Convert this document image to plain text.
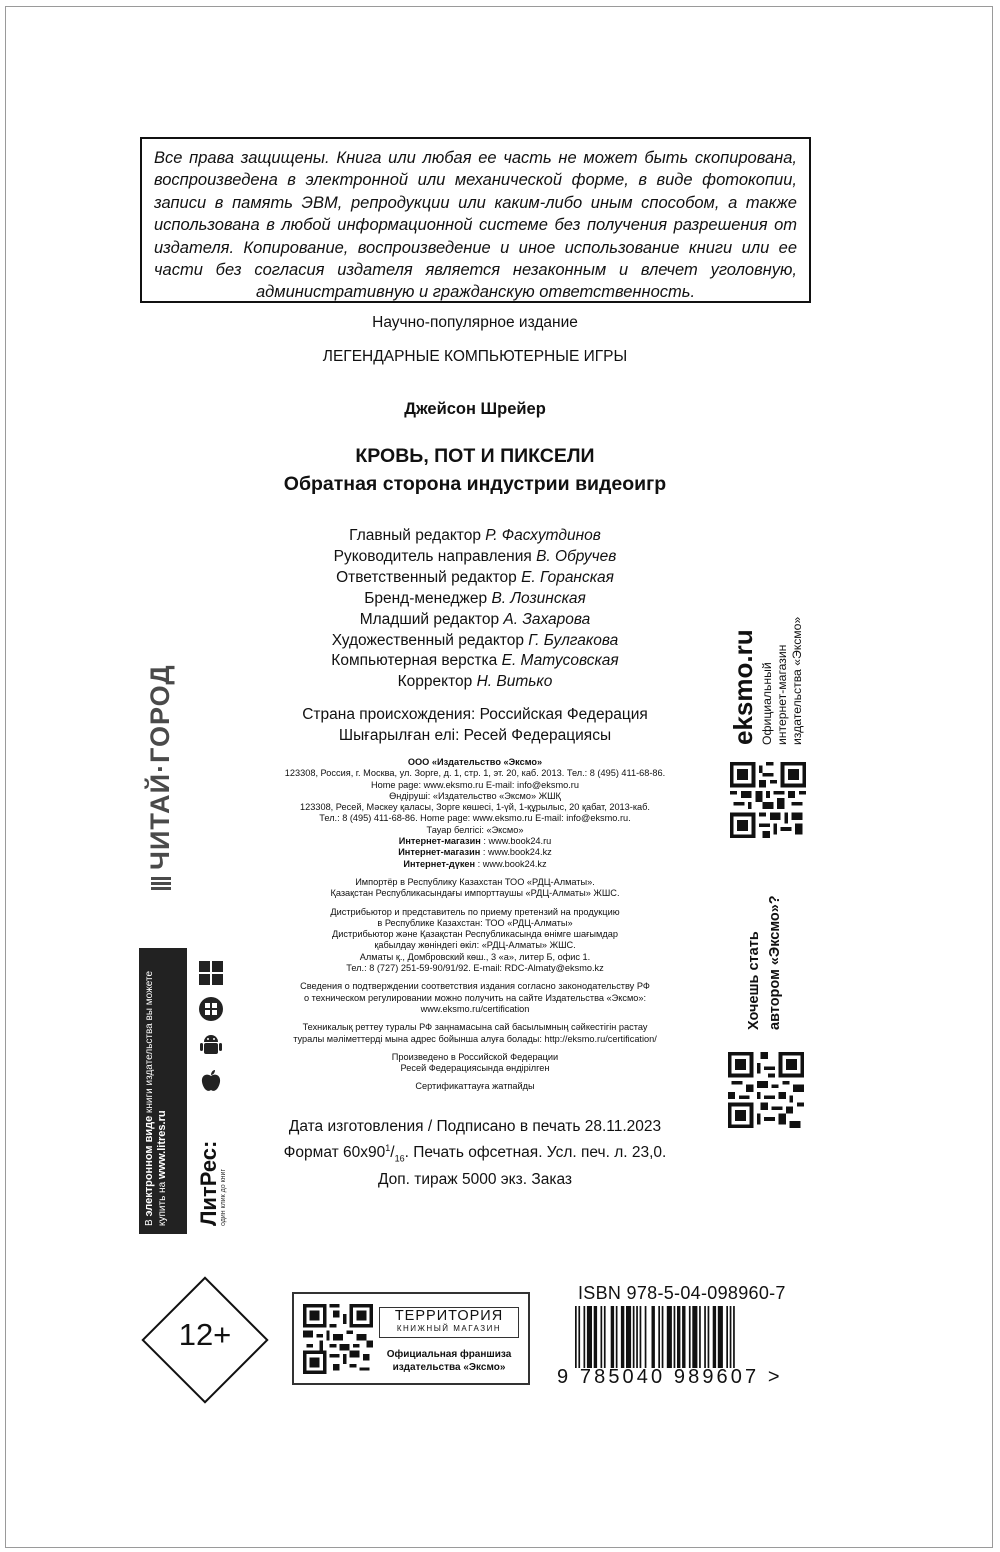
Все права защищены. Книга или любая ее часть не может быть скопирована, воспроизведена в электронной или механической форме, в виде фотокопии, записи в память ЭВМ, репродукции или каким-либо иным способом, а также использована в любой информационной системе без получения разрешения от издателя. Копирование, воспроизведение и иное использование книги или ее части без согласия издателя является незаконным и влечет уголовную, административную и гражданскую ответственность.
Научно-популярное издание
ЛЕГЕНДАРНЫЕ КОМПЬЮТЕРНЫЕ ИГРЫ
Джейсон Шрейер
КРОВЬ, ПОТ И ПИКСЕЛИ
Обратная сторона индустрии видеоигр
Главный редактор Р. Фасхутдинов
Руководитель направления В. Обручев
Ответственный редактор Е. Горанская
Бренд-менеджер В. Лозинская
Младший редактор А. Захарова
Художественный редактор Г. Булгакова
Компьютерная верстка Е. Матусовская
Корректор Н. Витько
Страна происхождения: Российская Федерация
Шығарылған елі: Ресей Федерациясы
ООО «Издательство «Эксмо»
123308, Россия, г. Москва, ул. Зорге, д. 1, стр. 1, эт. 20, каб. 2013. Тел.: 8 (495) 411-68-86.
Home page: www.eksmo.ru E-mail: info@eksmo.ru
Өндіруші: «Издательство «Эксмо» ЖШҚ
123308, Ресей, Мәскеу қаласы, Зорге көшесі, 1-үй, 1-құрылыс, 20 қабат, 2013-каб.
Тел.: 8 (495) 411-68-86. Home page: www.eksmo.ru E-mail: info@eksmo.ru.
Тауар белгісі: «Эксмо»
Интернет-магазин : www.book24.ru
Интернет-магазин : www.book24.kz
Интернет-дүкен : www.book24.kz
Импортёр в Республику Казахстан ТОО «РДЦ-Алматы».
Қазақстан Республикасындағы импорттаушы «РДЦ-Алматы» ЖШС.
Дистрибьютор и представитель по приему претензий на продукцию
в Республике Казахстан: ТОО «РДЦ-Алматы»
Дистрибьютор және Қазақстан Республикасында өнімге шағымдар
қабылдау жөніндегі өкіл: «РДЦ-Алматы» ЖШС.
Алматы қ., Домбровский көш., 3 «а», литер Б, офис 1.
Тел.: 8 (727) 251-59-90/91/92. E-mail: RDC-Almaty@eksmo.kz
Сведения о подтверждении соответствия издания согласно законодательству РФ
о техническом регулировании можно получить на сайте Издательства «Эксмо»:
www.eksmo.ru/certification
Техникалық реттеу туралы РФ заңнамасына сай басылымның сәйкестігін растау
туралы мәліметтерді мына адрес бойынша алуға болады: http://eksmo.ru/certification/
Произведено в Российской Федерации
Ресей Федерациясында өндірілген
Сертификаттауға жатпайды
Дата изготовления / Подписано в печать 28.11.2023
Формат $60x90^1/_{16}$. Печать офсетная. Усл. печ. л. 23,0.
Доп. тираж 5000 экз. Заказ
ЧИТАЙ·ГОРОД
В электронном виде книги издательства вы можете
купить на www.litres.ru ЛитРес: один клик до книг
eksmo.ru Официальный интернет-магазин издательства «Эксмо»
Хочешь стать автором «Эксмо»?
12+
ТЕРРИТОРИЯ
КНИЖНЫЙ МАГАЗИН
Официальная франшиза
издательства «Эксмо»
ISBN 978-5-04-098960-7
9 785040 989607 >
